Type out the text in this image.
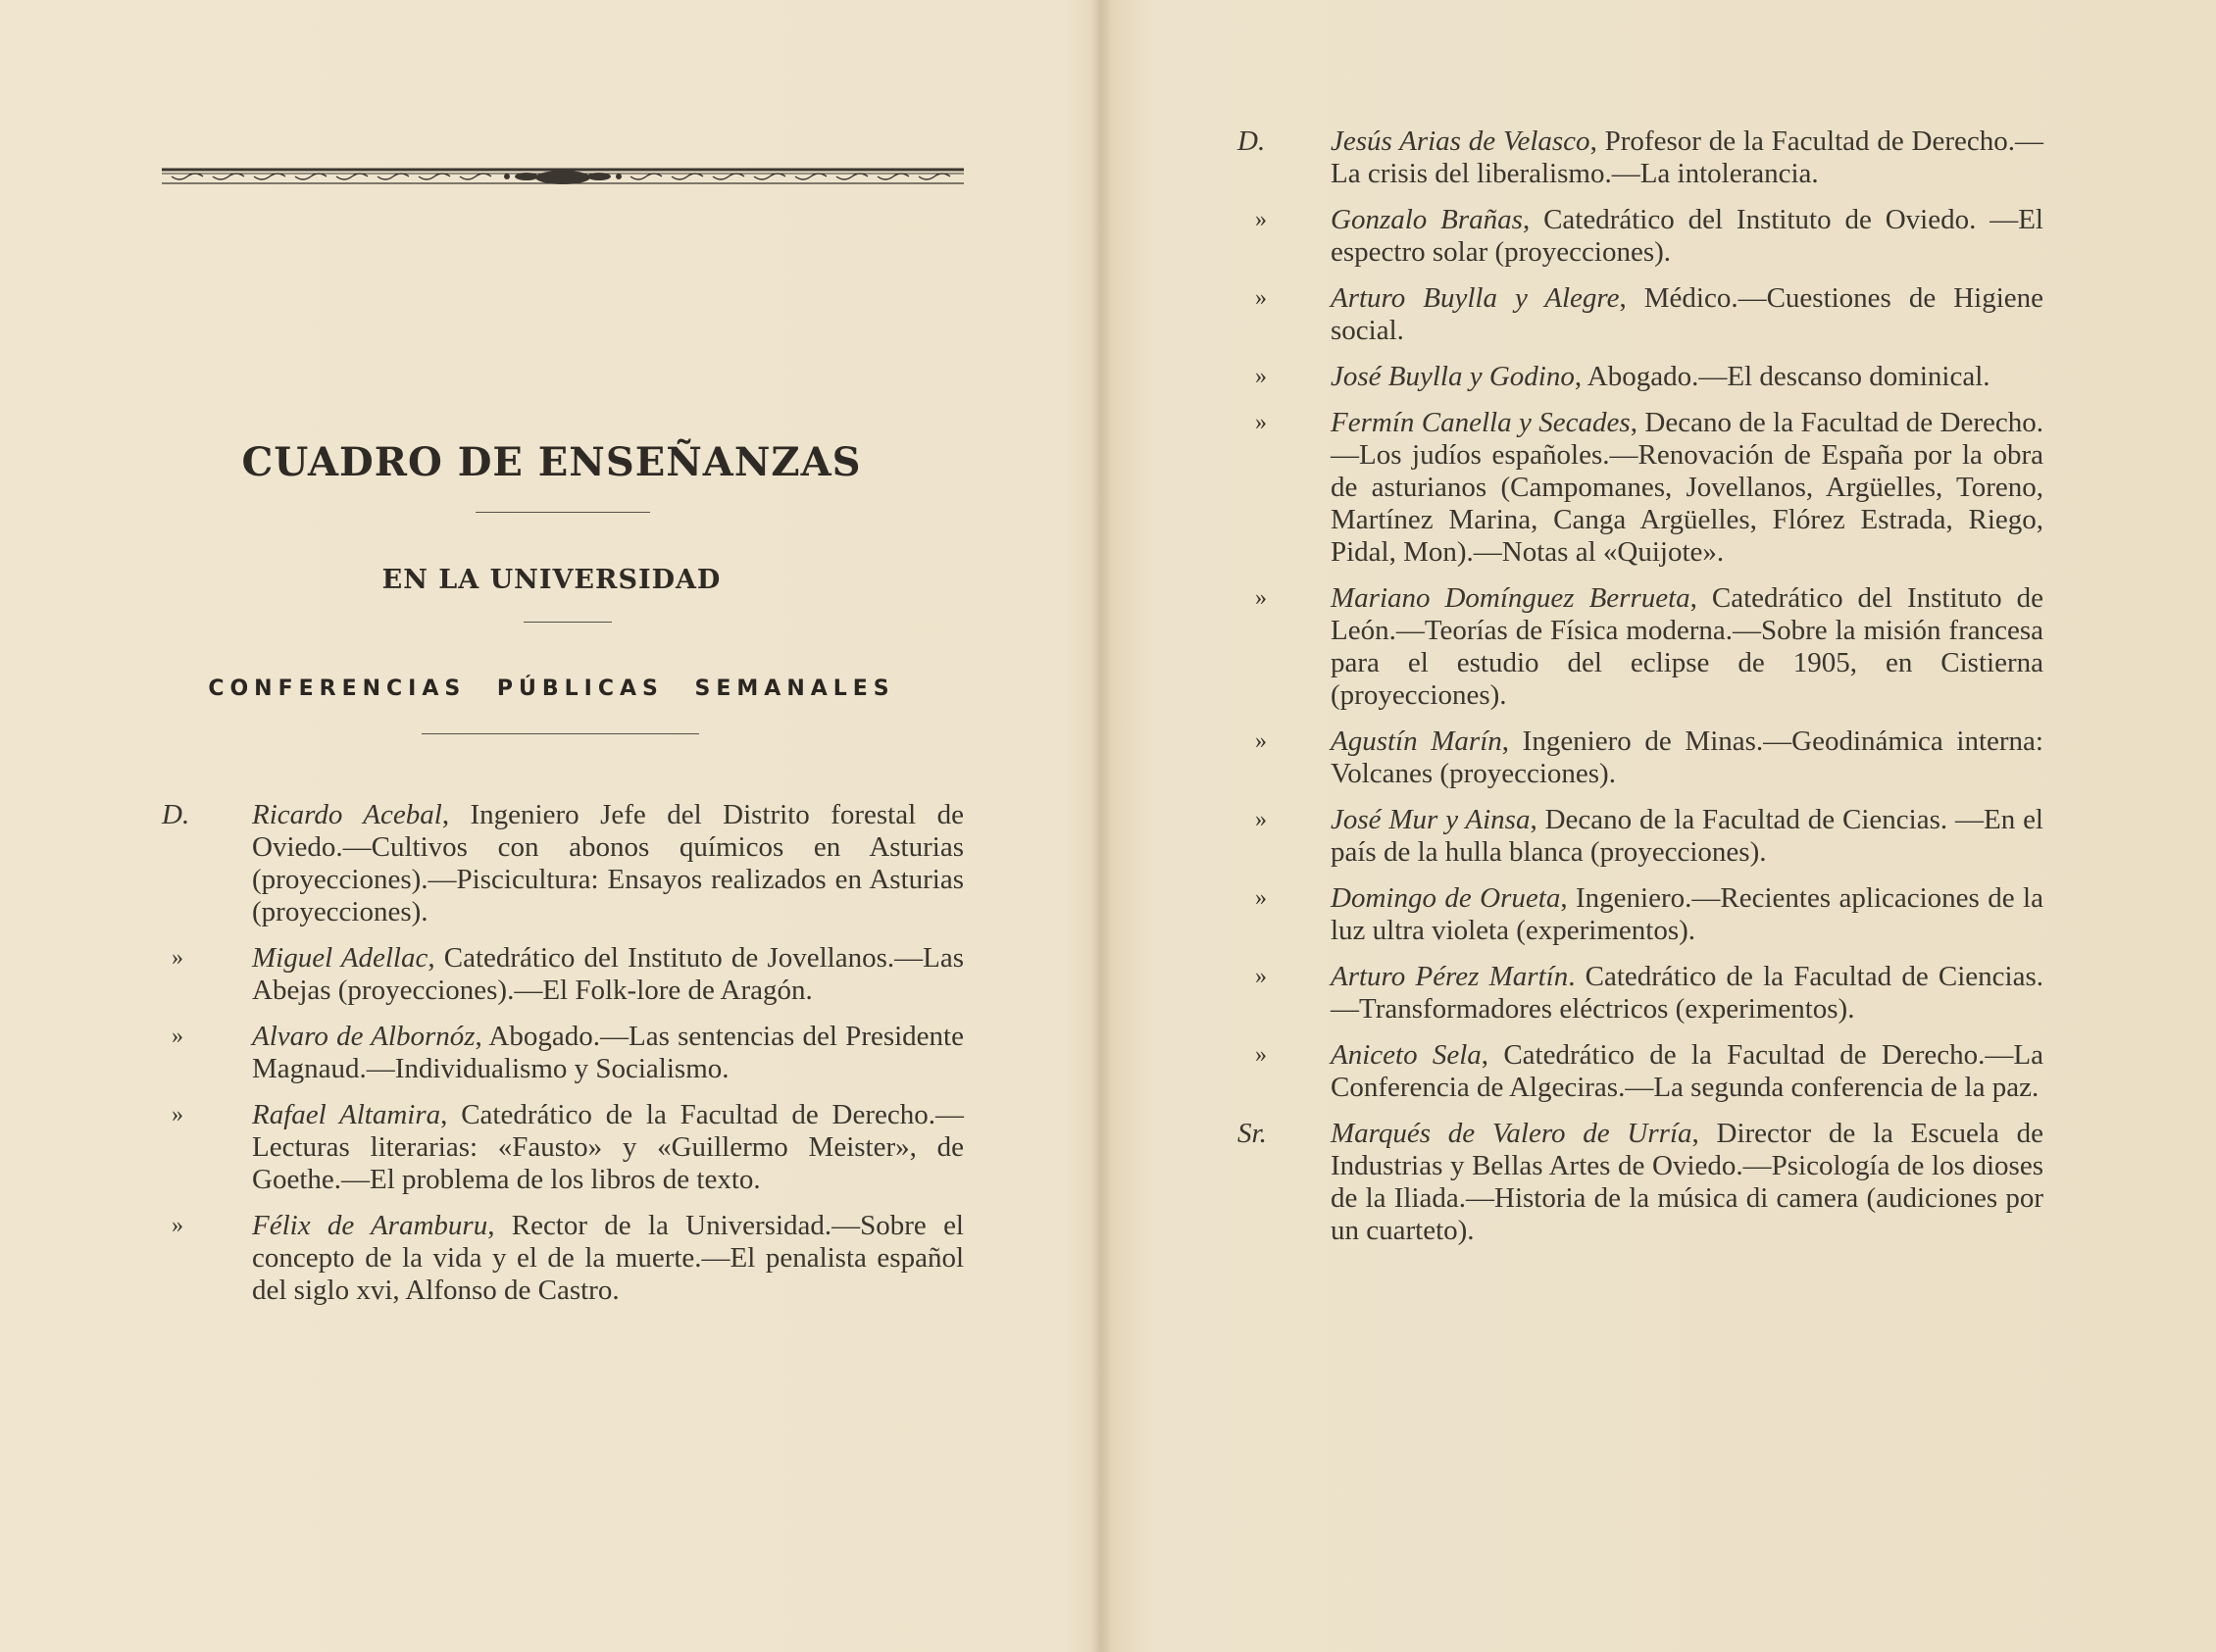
CUADRO DE ENSEÑANZAS
EN LA UNIVERSIDAD
CONFERENCIAS PÚBLICAS SEMANALES
D.	Ricardo Acebal, Ingeniero Jefe del Distrito forestal de Oviedo.—Cultivos con abonos químicos en Asturias (proyecciones).—Piscicultura: Ensayos realizados en Asturias (proyecciones).
»	Miguel Adellac, Catedrático del Instituto de Jovellanos.—Las Abejas (proyecciones).—El Folk-lore de Aragón.
»	Alvaro de Albornóz, Abogado.—Las sentencias del Presidente Magnaud.—Individualismo y Socialismo.
»	Rafael Altamira, Catedrático de la Facultad de Derecho.—Lecturas literarias: «Fausto» y «Guillermo Meister», de Goethe.—El problema de los libros de texto.
»	Félix de Aramburu, Rector de la Universidad.—Sobre el concepto de la vida y el de la muerte.—El penalista español del siglo xvi, Alfonso de Castro.
D.	Jesús Arias de Velasco, Profesor de la Facultad de Derecho.—La crisis del liberalismo.—La intolerancia.
»	Gonzalo Brañas, Catedrático del Instituto de Oviedo. —El espectro solar (proyecciones).
»	Arturo Buylla y Alegre, Médico.—Cuestiones de Higiene social.
»	José Buylla y Godino, Abogado.—El descanso dominical.
»	Fermín Canella y Secades, Decano de la Facultad de Derecho.—Los judíos españoles.—Renovación de España por la obra de asturianos (Campomanes, Jovellanos, Argüelles, Toreno, Martínez Marina, Canga Argüelles, Flórez Estrada, Riego, Pidal, Mon).—Notas al «Quijote».
»	Mariano Domínguez Berrueta, Catedrático del Instituto de León.—Teorías de Física moderna.—Sobre la misión francesa para el estudio del eclipse de 1905, en Cistierna (proyecciones).
»	Agustín Marín, Ingeniero de Minas.—Geodinámica interna: Volcanes (proyecciones).
»	José Mur y Ainsa, Decano de la Facultad de Ciencias. —En el país de la hulla blanca (proyecciones).
»	Domingo de Orueta, Ingeniero.—Recientes aplicaciones de la luz ultra violeta (experimentos).
»	Arturo Pérez Martín. Catedrático de la Facultad de Ciencias. —Transformadores eléctricos (experimentos).
»	Aniceto Sela, Catedrático de la Facultad de Derecho.—La Conferencia de Algeciras.—La segunda conferencia de la paz.
Sr.	Marqués de Valero de Urría, Director de la Escuela de Industrias y Bellas Artes de Oviedo.—Psicología de los dioses de la Iliada.—Historia de la música di camera (audiciones por un cuarteto).
